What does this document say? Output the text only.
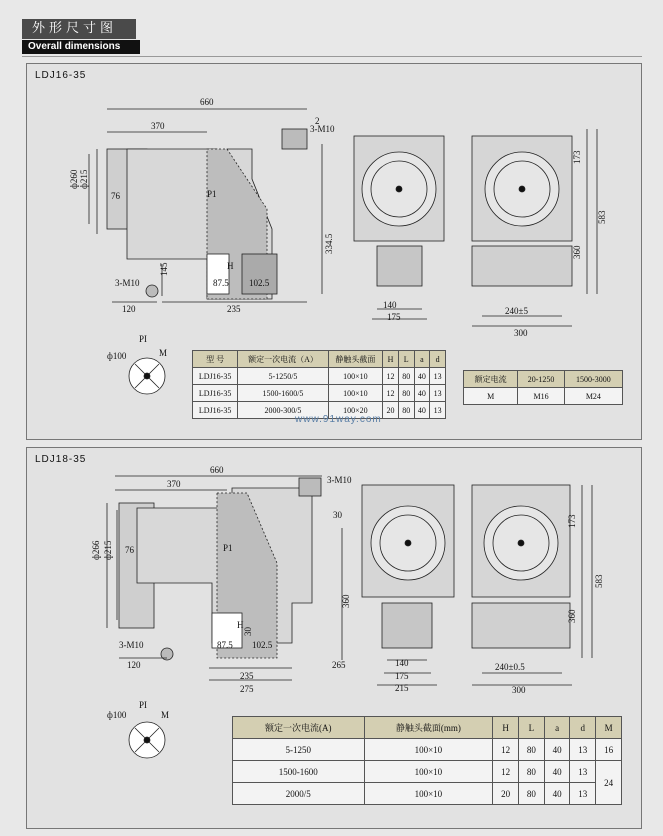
外形尺寸图
Overall dimensions
LDJ16-35
660
370	2
3-M10
ф260 ф215
76	P1
145
3-M10
120	235
334.5
87.5 102.5
H
140
175
173
583
360
240±5
300
PI
ф100	M
型 号	额定一次电流（A）	静触头截面	H	L	a	d
LDJ16-35	5-1250/5	100×10	12	80	40	13
LDJ16-35	1500-1600/5	100×10	12	80	40	13
LDJ16-35	2000-300/5	100×20	20	80	40	13
额定电流	20-1250	1500-3000
M	M16	M24
www.91way.com
LDJ18-35
660
370	3-M10
ф266 ф215 76	P1
30
360
H
30
87.5 102.5
3-M10
120
235
275
265	140
175
215
173
583
360
240±0.5
300
PI
ф100	M
额定一次电流(A)	静触头截面(mm)	H	L	a	d	M
5-1250	100×10	12	80	40	13	16
1500-1600	100×10	12	80	40	13	24
2000/5	100×10	20	80	40	13	
